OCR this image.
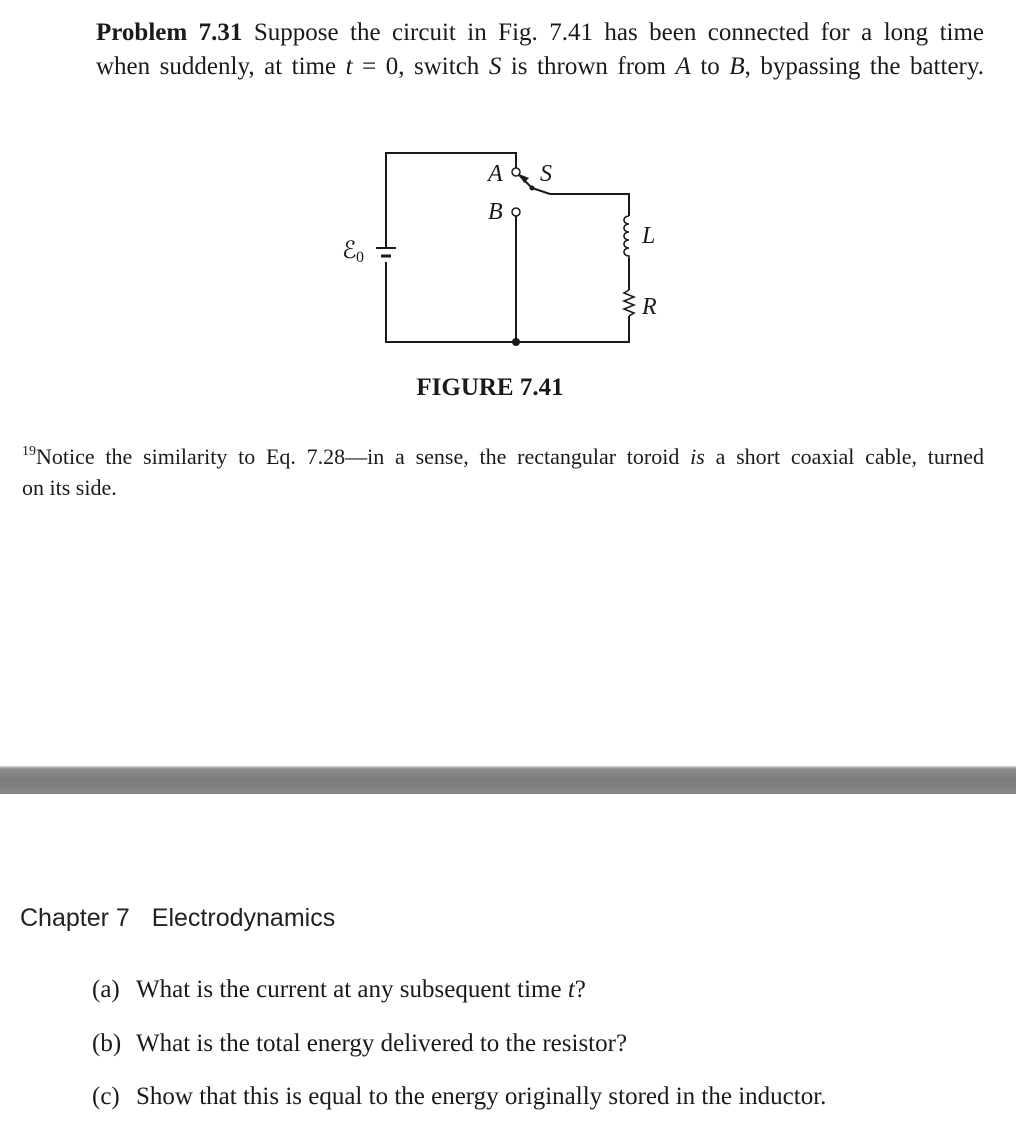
Problem 7.31 Suppose the circuit in Fig. 7.41 has been connected for a long time
when suddenly, at time t = 0, switch S is thrown from A to B, bypassing the battery.
A
B
S
L
R
ℰ 0
FIGURE 7.41
$^{19}$Notice the similarity to Eq. 7.28—in a sense, the rectangular toroid is a short coaxial cable, turned
on its side.
Chapter 7 Electrodynamics
(a) What is the current at any subsequent time t?
(b) What is the total energy delivered to the resistor?
(c) Show that this is equal to the energy originally stored in the inductor.
